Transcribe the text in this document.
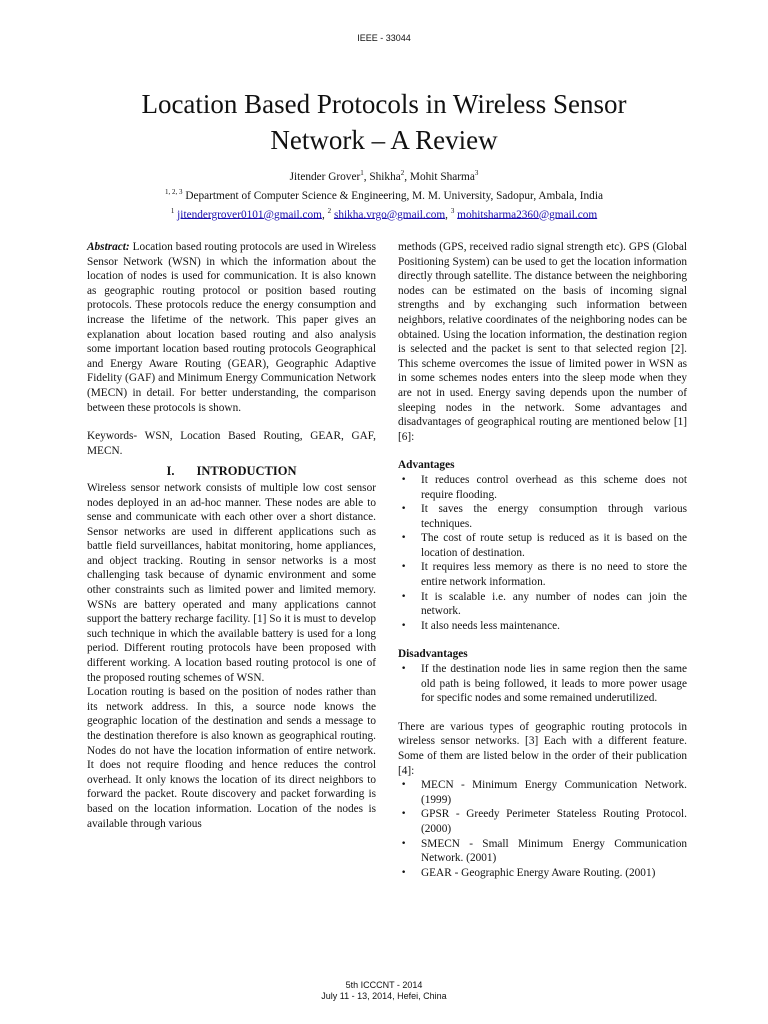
IEEE - 33044
Location Based Protocols in Wireless Sensor
Network – A Review
Jitender Grover$^1$, Shikha$^2$, Mohit Sharma$^3$
$^{1, 2, 3}$ Department of Computer Science & Engineering, M. M. University, Sadopur, Ambala, India
$^1$ jitendergrover0101@gmail.com, $^2$ shikha.vrgo@gmail.com, $^3$ mohitsharma2360@gmail.com

Abstract: Location based routing protocols are used in Wireless Sensor Network (WSN) in which the information about the location of nodes is used for communication. It is also known as geographic routing protocol or position based routing protocols. These protocols reduce the energy consumption and increase the lifetime of the network. This paper gives an explanation about location based routing and also analysis some important location based routing protocols Geographical and Energy Aware Routing (GEAR), Geographic Adaptive Fidelity (GAF) and Minimum Energy Communication Network (MECN) in detail. For better understanding, the comparison between these protocols is shown.

Keywords- WSN, Location Based Routing, GEAR, GAF, MECN.

I. INTRODUCTION

Wireless sensor network consists of multiple low cost sensor nodes deployed in an ad-hoc manner. These nodes are able to sense and communicate with each other over a short distance. Sensor networks are used in different applications such as battle field surveillances, habitat monitoring, home appliances, and object tracking. Routing in sensor networks is a most challenging task because of dynamic environment and some other constraints such as limited power and limited memory. WSNs are battery operated and many applications cannot support the battery recharge facility. [1] So it is must to develop such technique in which the available battery is used for a long period. Different routing protocols have been proposed with different working. A location based routing protocol is one of the proposed routing schemes of WSN.

Location routing is based on the position of nodes rather than its network address. In this, a source node knows the geographic location of the destination and sends a message to the destination therefore is also known as geographical routing. Nodes do not have the location information of entire network. It does not require flooding and hence reduces the control overhead. It only knows the location of its direct neighbors to forward the packet. Route discovery and packet forwarding is based on the location information. Location of the nodes is available through various

methods (GPS, received radio signal strength etc). GPS (Global Positioning System) can be used to get the location information directly through satellite. The distance between the neighboring nodes can be estimated on the basis of incoming signal strengths and by exchanging such information between neighbors, relative coordinates of the neighboring nodes can be obtained. Using the location information, the destination region is selected and the packet is sent to that selected region [2]. This scheme overcomes the issue of limited power in WSN as in some schemes nodes enters into the sleep mode when they are not in used. Energy saving depends upon the number of sleeping nodes in the network. Some advantages and disadvantages of geographical routing are mentioned below [1] [6]:

Advantages

• It reduces control overhead as this scheme does not require flooding.
• It saves the energy consumption through various techniques.
• The cost of route setup is reduced as it is based on the location of destination.
• It requires less memory as there is no need to store the entire network information.
• It is scalable i.e. any number of nodes can join the network.
• It also needs less maintenance.

Disadvantages

• If the destination node lies in same region then the same old path is being followed, it leads to more power usage for specific nodes and some remained underutilized.

There are various types of geographic routing protocols in wireless sensor networks. [3] Each with a different feature. Some of them are listed below in the order of their publication [4]:

• MECN - Minimum Energy Communication Network. (1999)
• GPSR - Greedy Perimeter Stateless Routing Protocol. (2000)
• SMECN - Small Minimum Energy Communication Network. (2001)
• GEAR - Geographic Energy Aware Routing. (2001)
5th ICCCNT - 2014
July 11 - 13, 2014, Hefei, China
